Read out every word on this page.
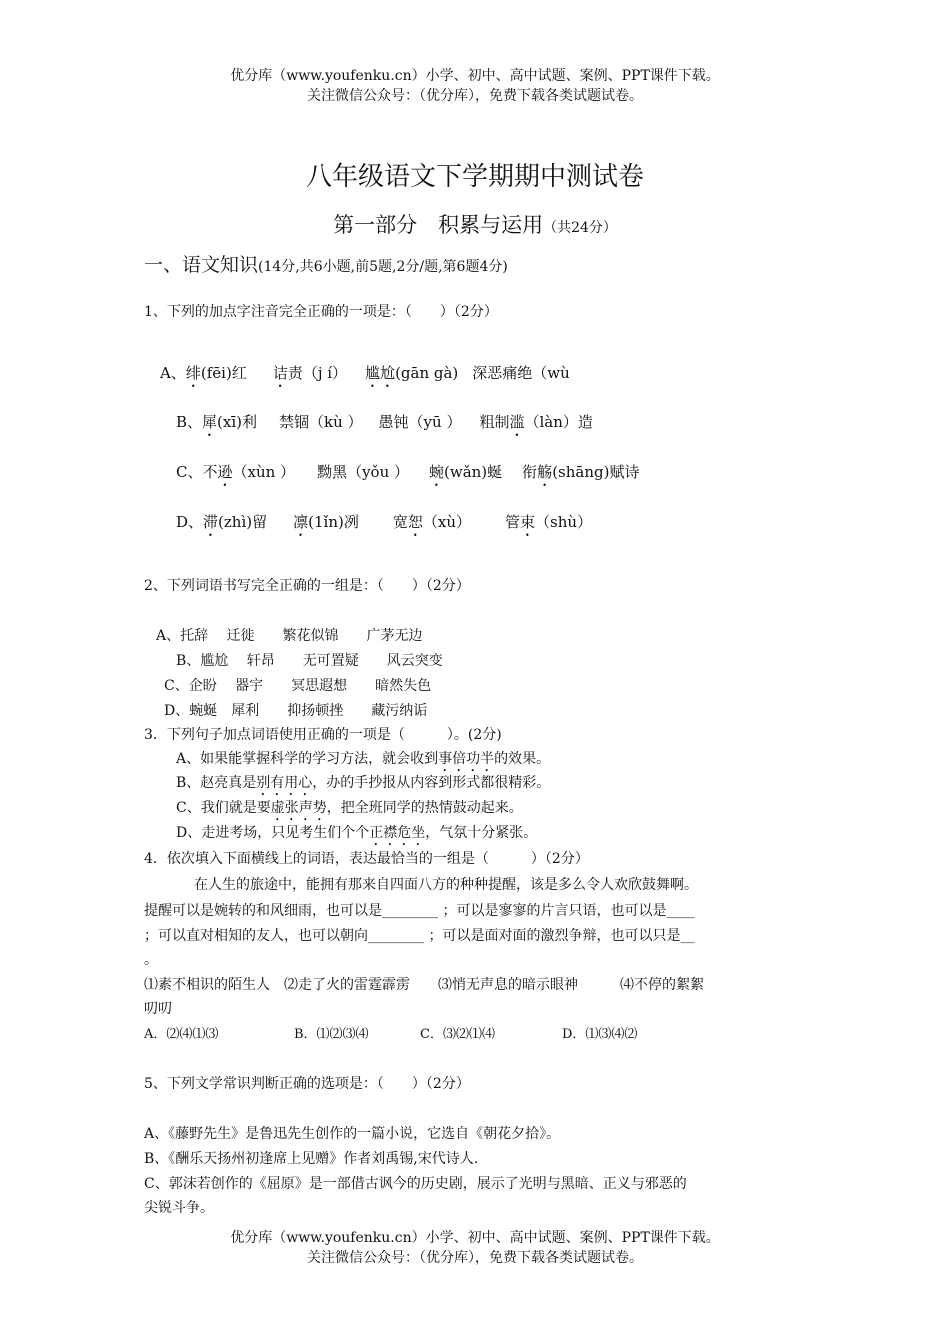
优分库（www.youfenku.cn）小学、初中、高中试题、案例、PPT课件下载。
关注微信公众号：（优分库），免费下载各类试题试卷。
八年级语文下学期期中测试卷
第一部分　积累与运用（共24分）
一、语文知识(14分,共6小题,前5题,2分/题,第6题4分)
1、下列的加点字注音完全正确的一项是：（　　）（2分）
A、绯(fēi)红 诘责（j í） 尴尬(gān gà) 深恶痛绝（wù
B、犀(xī)利 禁锢（kù ） 愚钝（yū ） 粗制滥（làn）造
C、不逊（xùn ） 黝黑（yǒu ） 蜿(wǎn)蜒 衔觞(shāng)赋诗
D、滞(zhì)留 凛(1ǐn)冽 宽恕（xù） 管束（shù）
2、下列词语书写完全正确的一组是：（　　）（2分）
A、托辞　 迁徙　　繁花似锦　　广茅无边
B、尴尬　 轩昂　　无可置疑　　风云突变
C、企盼　 器宇　　冥思遐想　　暗然失色
D、蜿蜒　犀利　　抑扬顿挫　　藏污纳诟
3．下列句子加点词语使用正确的一项是（　　　）。(2分)
A、如果能掌握科学的学习方法，就会收到事倍功半的效果。
B、赵亮真是别有用心，办的手抄报从内容到形式都很精彩。
C、我们就是要虚张声势，把全班同学的热情鼓动起来。
D、走进考场，只见考生们个个正襟危坐，气氛十分紧张。
4．依次填入下面横线上的词语，表达最恰当的一组是（　　　）（2分）
在人生的旅途中，能拥有那来自四面八方的种种提醒，该是多么令人欢欣鼓舞啊。
提醒可以是婉转的和风细雨，也可以是________ ；可以是寥寥的片言只语，也可以是____
；可以直对相知的友人，也可以朝向________ ；可以是面对面的激烈争辩，也可以只是__
。
⑴素不相识的陌生人　⑵走了火的雷霆霹雳　　⑶悄无声息的暗示眼神　　　⑷不停的絮絮
叨叨
A．⑵⑷⑴⑶	B．⑴⑵⑶⑷	C．⑶⑵⑴⑷	D．⑴⑶⑷⑵
5、下列文学常识判断正确的选项是：（　　）（2分）
A、《藤野先生》是鲁迅先生创作的一篇小说，它选自《朝花夕拾》。
B、《酬乐天扬州初逢席上见赠》作者刘禹锡,宋代诗人.
C、郭沫若创作的《屈原》是一部借古讽今的历史剧，展示了光明与黑暗、正义与邪恶的
尖锐斗争。
优分库（www.youfenku.cn）小学、初中、高中试题、案例、PPT课件下载。
关注微信公众号：（优分库），免费下载各类试题试卷。
